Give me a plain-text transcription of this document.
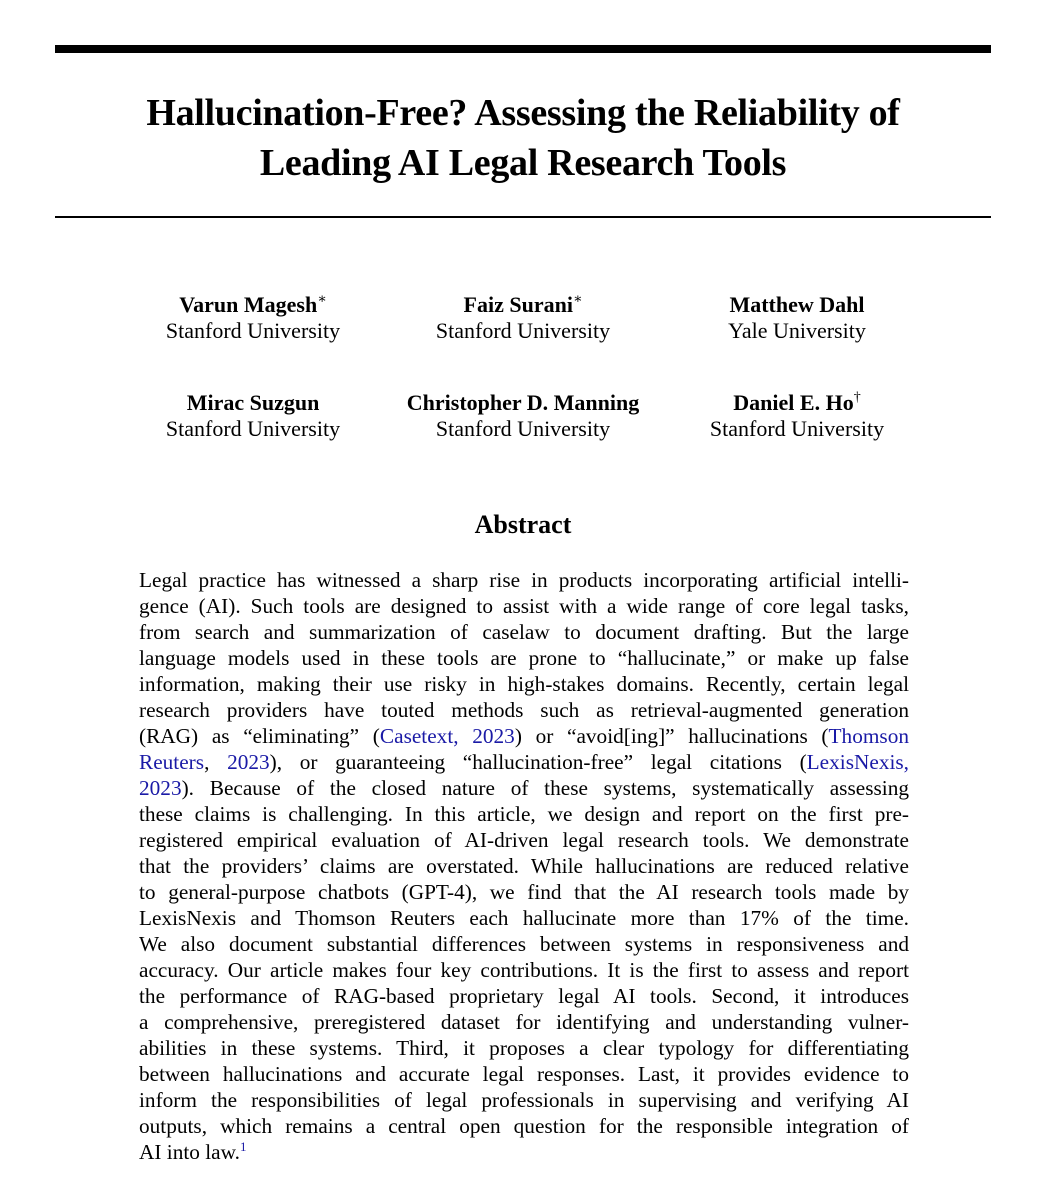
Hallucination-Free? Assessing the Reliability of
Leading AI Legal Research Tools
Varun Magesh∗
Stanford University
Faiz Surani∗
Stanford University
Matthew Dahl
Yale University
Mirac Suzgun
Stanford University
Christopher D. Manning
Stanford University
Daniel E. Ho†
Stanford University
Abstract
Legal practice has witnessed a sharp rise in products incorporating artificial intelli-
gence (AI). Such tools are designed to assist with a wide range of core legal tasks,
from search and summarization of caselaw to document drafting. But the large
language models used in these tools are prone to “hallucinate,” or make up false
information, making their use risky in high-stakes domains. Recently, certain legal
research providers have touted methods such as retrieval-augmented generation
(RAG) as “eliminating” (Casetext, 2023) or “avoid[ing]” hallucinations (Thomson
Reuters, 2023), or guaranteeing “hallucination-free” legal citations (LexisNexis,
2023). Because of the closed nature of these systems, systematically assessing
these claims is challenging. In this article, we design and report on the first pre-
registered empirical evaluation of AI-driven legal research tools. We demonstrate
that the providers’ claims are overstated. While hallucinations are reduced relative
to general-purpose chatbots (GPT-4), we find that the AI research tools made by
LexisNexis and Thomson Reuters each hallucinate more than 17% of the time.
We also document substantial differences between systems in responsiveness and
accuracy. Our article makes four key contributions. It is the first to assess and report
the performance of RAG-based proprietary legal AI tools. Second, it introduces
a comprehensive, preregistered dataset for identifying and understanding vulner-
abilities in these systems. Third, it proposes a clear typology for differentiating
between hallucinations and accurate legal responses. Last, it provides evidence to
inform the responsibilities of legal professionals in supervising and verifying AI
outputs, which remains a central open question for the responsible integration of
AI into law.$^1$
